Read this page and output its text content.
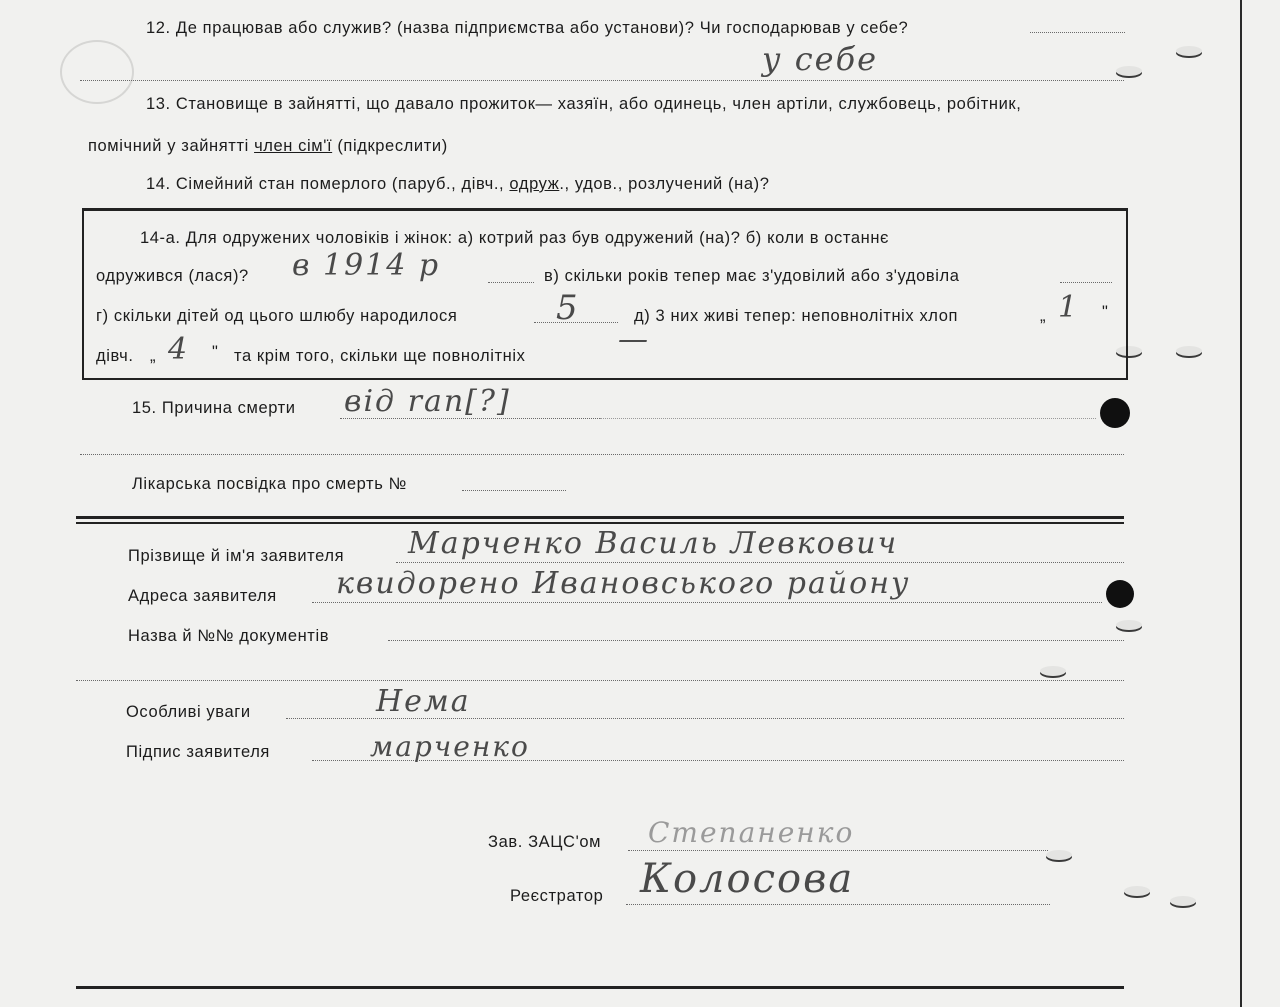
12. Де працював або служив? (назва підприємства або установи)? Чи господарював у себе?
у себе
13. Становище в зайнятті, що давало прожиток— хазяїн, або одинець, член артіли, службовець, робітник,
помічний у зайнятті член сім'ї (підкреслити)
14. Сімейний стан померлого (паруб., дівч., одруж., удов., розлучений (на)?
14-а. Для одружених чоловіків і жінок: а) котрий раз був одружений (на)? б) коли в останнє
одружився (лася)? в 1914 р	в) скільки років тепер має з'удовілий або з'удовіла
г) скільки дітей од цього шлюбу народилося	5	д) 3 них живі тепер: неповнолітніх хлоп	„ 1 "
дівч. „ 4 " та крім того, скільки ще повнолітніх	—
15. Причина смерти від ran[?]
Лікарська посвідка про смерть №
Прізвище й ім'я заявителя Марченко Василь Левкович
Адреса заявителя квидорено Ивановського району
Назва й №№ документів
Особливі уваги	Нема
Підпис заявителя	марченко
Зав. ЗАЦС'ом Степаненко
Реєстратор Колосова
